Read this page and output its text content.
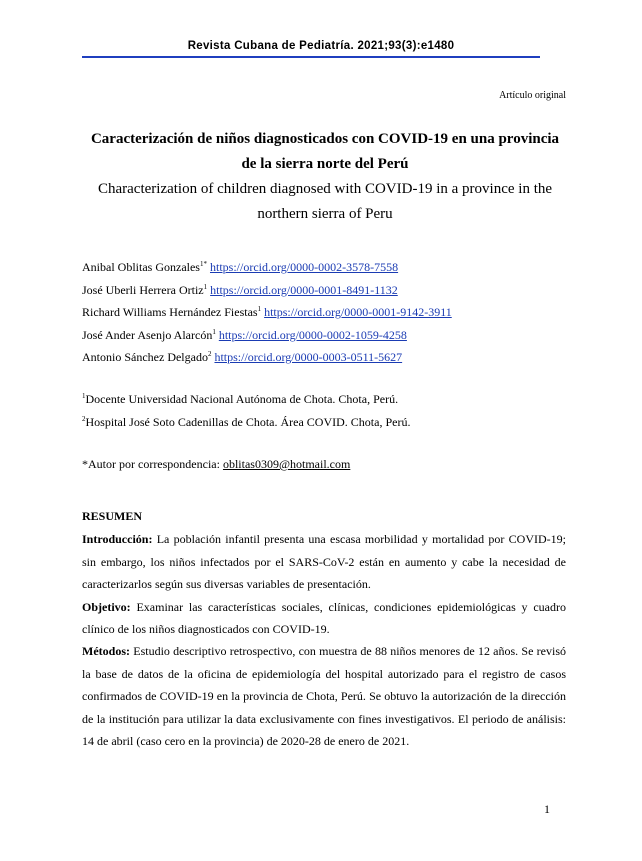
Revista Cubana de Pediatría. 2021;93(3):e1480
Artículo original
Caracterización de niños diagnosticados con COVID-19 en una provincia de la sierra norte del Perú
Characterization of children diagnosed with COVID-19 in a province in the northern sierra of Peru
Anibal Oblitas Gonzales$^{1*}$ https://orcid.org/0000-0002-3578-7558
José Uberli Herrera Ortiz$^1$ https://orcid.org/0000-0001-8491-1132
Richard Williams Hernández Fiestas$^1$ https://orcid.org/0000-0001-9142-3911
José Ander Asenjo Alarcón$^1$ https://orcid.org/0000-0002-1059-4258
Antonio Sánchez Delgado$^2$ https://orcid.org/0000-0003-0511-5627
$^1$Docente Universidad Nacional Autónoma de Chota. Chota, Perú.
$^2$Hospital José Soto Cadenillas de Chota. Área COVID. Chota, Perú.
*Autor por correspondencia: oblitas0309@hotmail.com

RESUMEN

Introducción: La población infantil presenta una escasa morbilidad y mortalidad por COVID-19; sin embargo, los niños infectados por el SARS-CoV-2 están en aumento y cabe la necesidad de caracterizarlos según sus diversas variables de presentación.

Objetivo: Examinar las características sociales, clínicas, condiciones epidemiológicas y cuadro clínico de los niños diagnosticados con COVID-19.

Métodos: Estudio descriptivo retrospectivo, con muestra de 88 niños menores de 12 años. Se revisó la base de datos de la oficina de epidemiología del hospital autorizado para el registro de casos confirmados de COVID-19 en la provincia de Chota, Perú. Se obtuvo la autorización de la dirección de la institución para utilizar la data exclusivamente con fines investigativos. El periodo de análisis: 14 de abril (caso cero en la provincia) de 2020-28 de enero de 2021.

1
